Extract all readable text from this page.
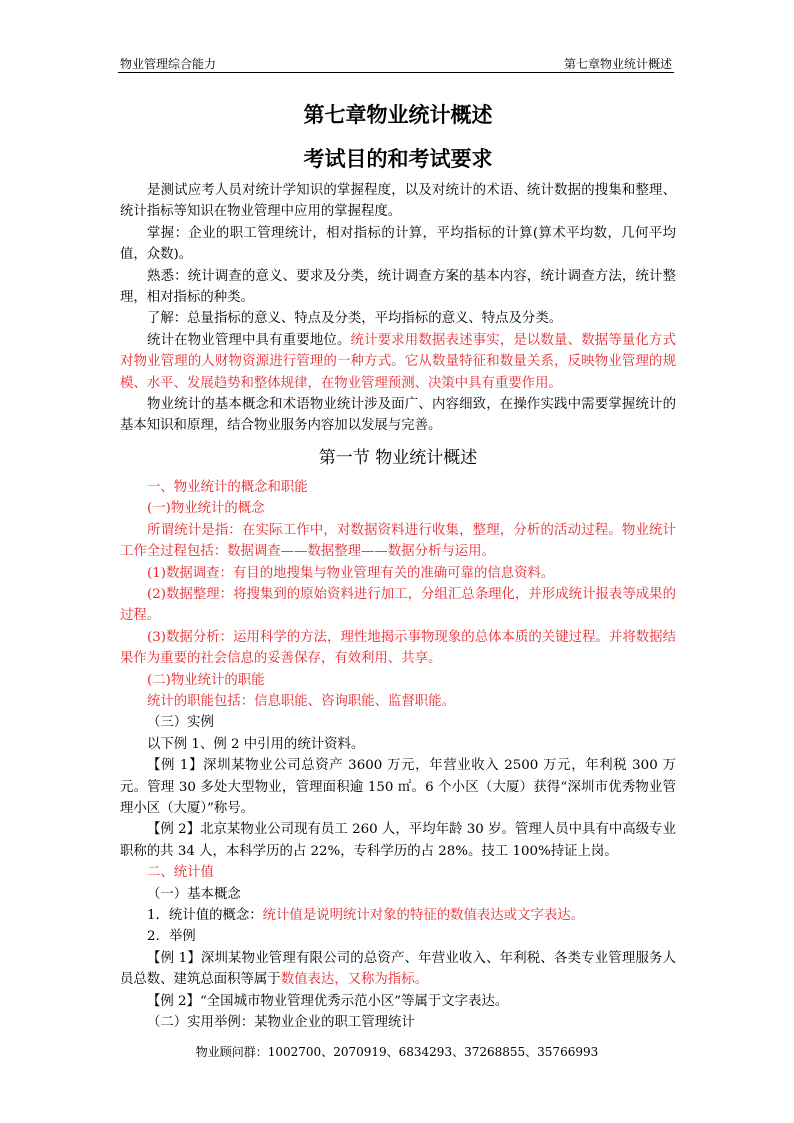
物业管理综合能力	第七章物业统计概述
第七章物业统计概述
考试目的和考试要求

是测试应考人员对统计学知识的掌握程度，以及对统计的术语、统计数据的搜集和整理、统计指标等知识在物业管理中应用的掌握程度。

掌握：企业的职工管理统计，相对指标的计算，平均指标的计算(算术平均数，几何平均值，众数)。

熟悉：统计调查的意义、要求及分类，统计调查方案的基本内容，统计调查方法，统计整理，相对指标的种类。

了解：总量指标的意义、特点及分类，平均指标的意义、特点及分类。

统计在物业管理中具有重要地位。统计要求用数据表述事实，是以数量、数据等量化方式对物业管理的人财物资源进行管理的一种方式。它从数量特征和数量关系，反映物业管理的规模、水平、发展趋势和整体规律，在物业管理预测、决策中具有重要作用。

物业统计的基本概念和术语物业统计涉及面广、内容细致，在操作实践中需要掌握统计的基本知识和原理，结合物业服务内容加以发展与完善。

第一节 物业统计概述

一、物业统计的概念和职能

(一)物业统计的概念

所谓统计是指：在实际工作中，对数据资料进行收集，整理，分析的活动过程。物业统计工作全过程包括：数据调查——数据整理——数据分析与运用。

(1)数据调查：有目的地搜集与物业管理有关的准确可靠的信息资料。

(2)数据整理：将搜集到的原始资料进行加工，分组汇总条理化，并形成统计报表等成果的过程。

(3)数据分析：运用科学的方法，理性地揭示事物现象的总体本质的关键过程。并将数据结果作为重要的社会信息的妥善保存，有效利用、共享。

(二)物业统计的职能

统计的职能包括：信息职能、咨询职能、监督职能。

（三）实例

以下例 1、例 2 中引用的统计资料。

【例 1】深圳某物业公司总资产 3600 万元，年营业收入 2500 万元，年利税 300 万元。管理 30 多处大型物业，管理面积逾 150 ㎡。6 个小区（大厦）获得“深圳市优秀物业管理小区（大厦）”称号。

【例 2】北京某物业公司现有员工 260 人，平均年龄 30 岁。管理人员中具有中高级专业职称的共 34 人，本科学历的占 22%，专科学历的占 28%。技工 100%持证上岗。

二、统计值

（一）基本概念

1．统计值的概念：统计值是说明统计对象的特征的数值表达或文字表达。

2．举例

【例 1】深圳某物业管理有限公司的总资产、年营业收入、年利税、各类专业管理服务人员总数、建筑总面积等属于数值表达，又称为指标。

【例 2】“全国城市物业管理优秀示范小区”等属于文字表达。

（二）实用举例：某物业企业的职工管理统计

物业顾问群：1002700、2070919、6834293、37268855、35766993
